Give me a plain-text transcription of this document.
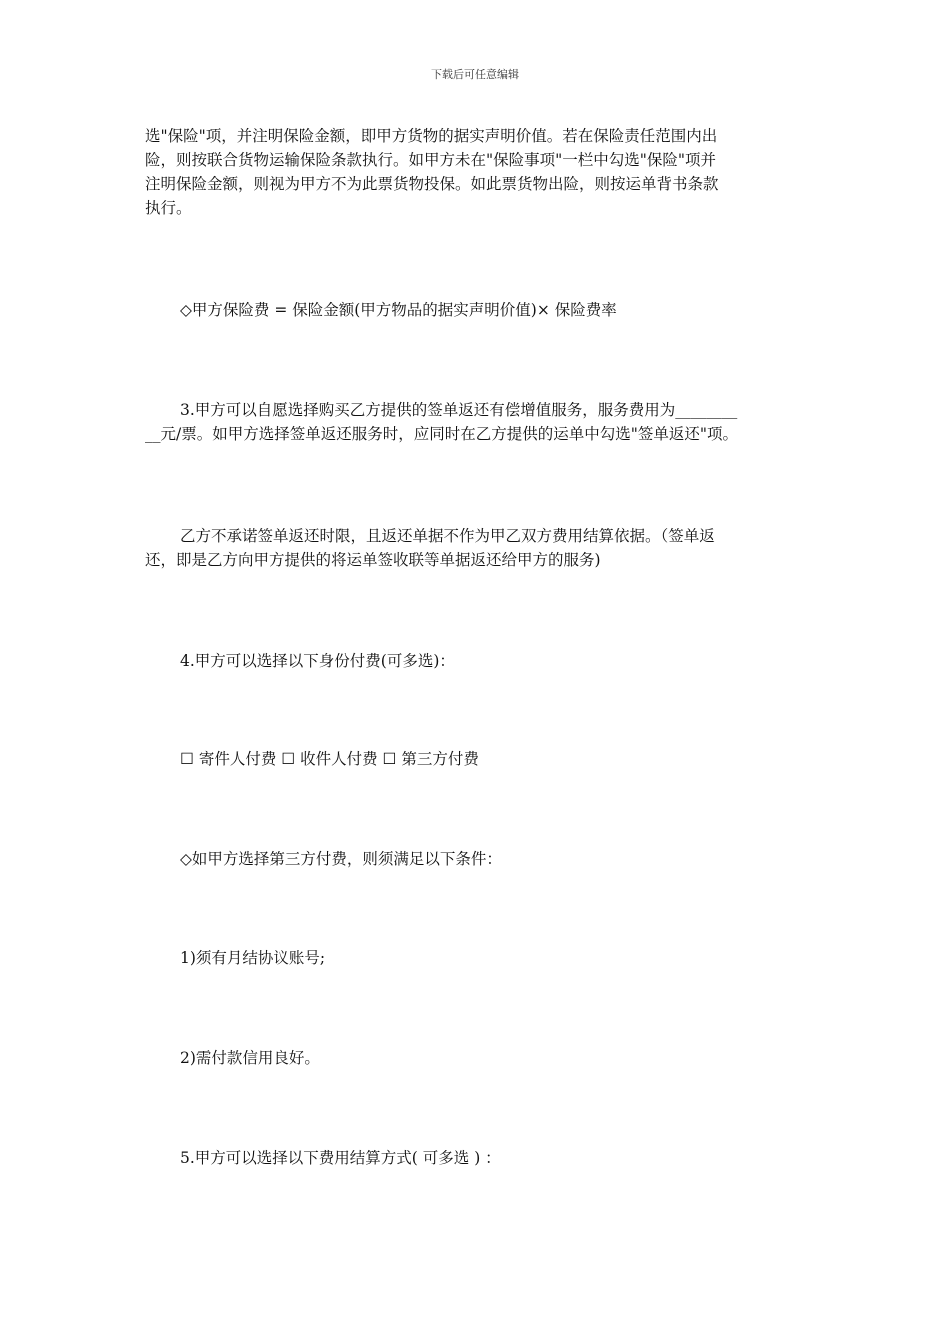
下载后可任意编辑
选"保险"项，并注明保险金额，即甲方货物的据实声明价值。若在保险责任范围内出
险，则按联合货物运输保险条款执行。如甲方未在"保险事项"一栏中勾选"保险"项并
注明保险金额，则视为甲方不为此票货物投保。如此票货物出险，则按运单背书条款
执行。
◇甲方保险费 = 保险金额(甲方物品的据实声明价值)× 保险费率
3.甲方可以自愿选择购买乙方提供的签单返还有偿增值服务，服务费用为________
__元/票。如甲方选择签单返还服务时，应同时在乙方提供的运单中勾选"签单返还"项。
乙方不承诺签单返还时限，且返还单据不作为甲乙双方费用结算依据。（签单返
还，即是乙方向甲方提供的将运单签收联等单据返还给甲方的服务)
4.甲方可以选择以下身份付费(可多选)：
☐ 寄件人付费 ☐ 收件人付费 ☐ 第三方付费
◇如甲方选择第三方付费，则须满足以下条件：
1)须有月结协议账号;
2)需付款信用良好。
5.甲方可以选择以下费用结算方式( 可多选 ) ：
